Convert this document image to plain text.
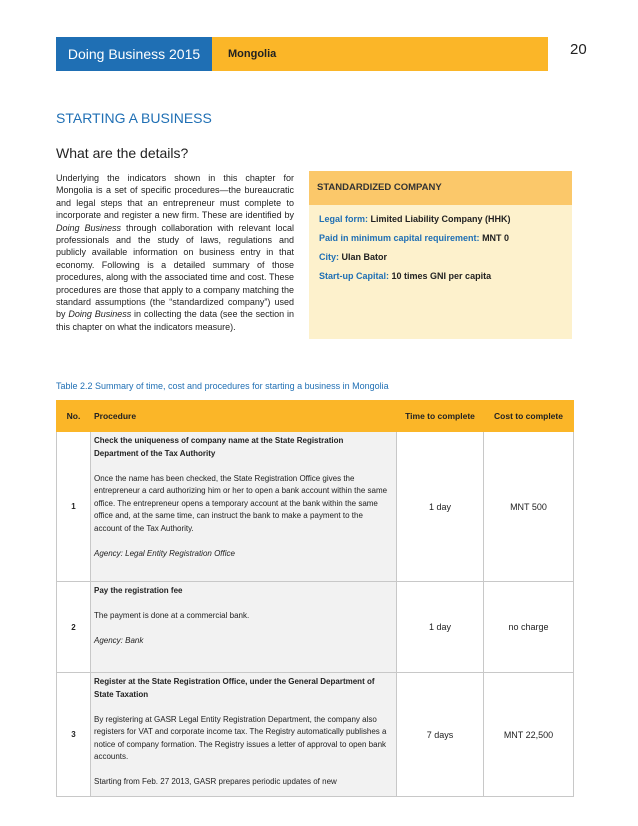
Doing Business 2015	Mongolia	20
STARTING A BUSINESS
What are the details?
Underlying the indicators shown in this chapter for Mongolia is a set of specific procedures—the bureaucratic and legal steps that an entrepreneur must complete to incorporate and register a new firm. These are identified by Doing Business through collaboration with relevant local professionals and the study of laws, regulations and publicly available information on business entry in that economy. Following is a detailed summary of those procedures, along with the associated time and cost. These procedures are those that apply to a company matching the standard assumptions (the “standardized company”) used by Doing Business in collecting the data (see the section in this chapter on what the indicators measure).
STANDARDIZED COMPANY
Legal form: Limited Liability Company (HHK)
Paid in minimum capital requirement: MNT 0
City: Ulan Bator
Start-up Capital: 10 times GNI per capita
Table 2.2 Summary of time, cost and procedures for starting a business in Mongolia
No.	Procedure	Time to complete	Cost to complete
1	Check the uniqueness of company name at the State Registration Department of the Tax Authority
Once the name has been checked, the State Registration Office gives the entrepreneur a card authorizing him or her to open a bank account within the same office. The entrepreneur opens a temporary account at the bank within the same office and, at the same time, can instruct the bank to make a payment to the account of the Tax Authority.
Agency: Legal Entity Registration Office	1 day	MNT 500
2	Pay the registration fee
The payment is done at a commercial bank.
Agency: Bank	1 day	no charge
3	Register at the State Registration Office, under the General Department of State Taxation
By registering at GASR Legal Entity Registration Department, the company also registers for VAT and corporate income tax. The Registry automatically publishes a notice of company formation. The Registry issues a letter of approval to open bank accounts.
Starting from Feb. 27 2013, GASR prepares periodic updates of new	7 days	MNT 22,500
